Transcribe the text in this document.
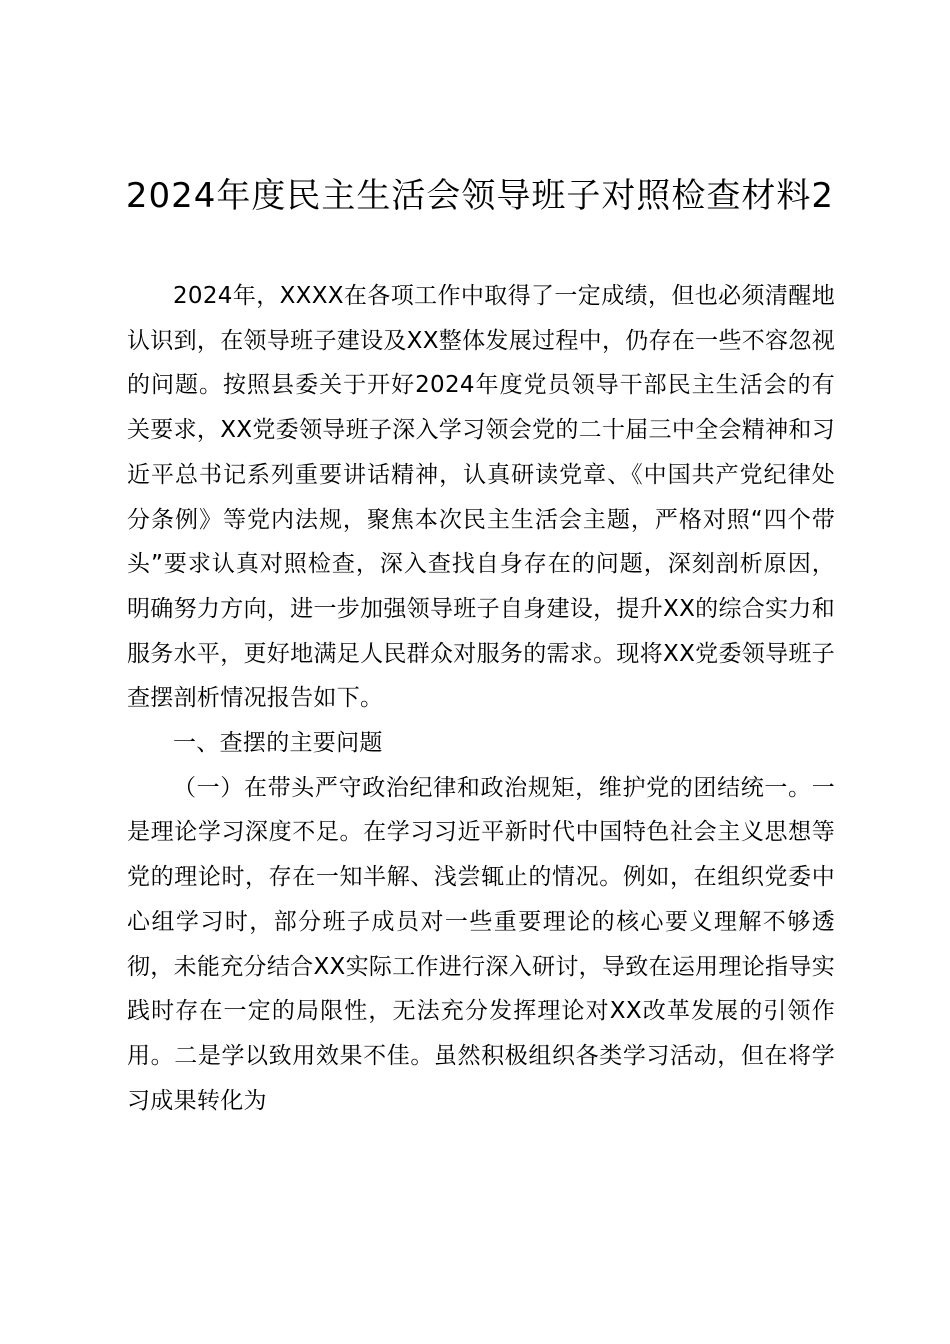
2024年度民主生活会领导班子对照检查材料2

2024年，XXXX在各项工作中取得了一定成绩，但也必须清醒地认识到，在领导班子建设及XX整体发展过程中，仍存在一些不容忽视的问题。按照县委关于开好2024年度党员领导干部民主生活会的有关要求，XX党委领导班子深入学习领会党的二十届三中全会精神和习近平总书记系列重要讲话精神，认真研读党章、《中国共产党纪律处分条例》等党内法规，聚焦本次民主生活会主题，严格对照“四个带头”要求认真对照检查，深入查找自身存在的问题，深刻剖析原因，明确努力方向，进一步加强领导班子自身建设，提升XX的综合实力和服务水平，更好地满足人民群众对服务的需求。现将XX党委领导班子查摆剖析情况报告如下。

一、查摆的主要问题

（一）在带头严守政治纪律和政治规矩，维护党的团结统一。一是理论学习深度不足。在学习习近平新时代中国特色社会主义思想等党的理论时，存在一知半解、浅尝辄止的情况。例如，在组织党委中心组学习时，部分班子成员对一些重要理论的核心要义理解不够透彻，未能充分结合XX实际工作进行深入研讨，导致在运用理论指导实践时存在一定的局限性，无法充分发挥理论对XX改革发展的引领作用。二是学以致用效果不佳。虽然积极组织各类学习活动，但在将学习成果转化为
